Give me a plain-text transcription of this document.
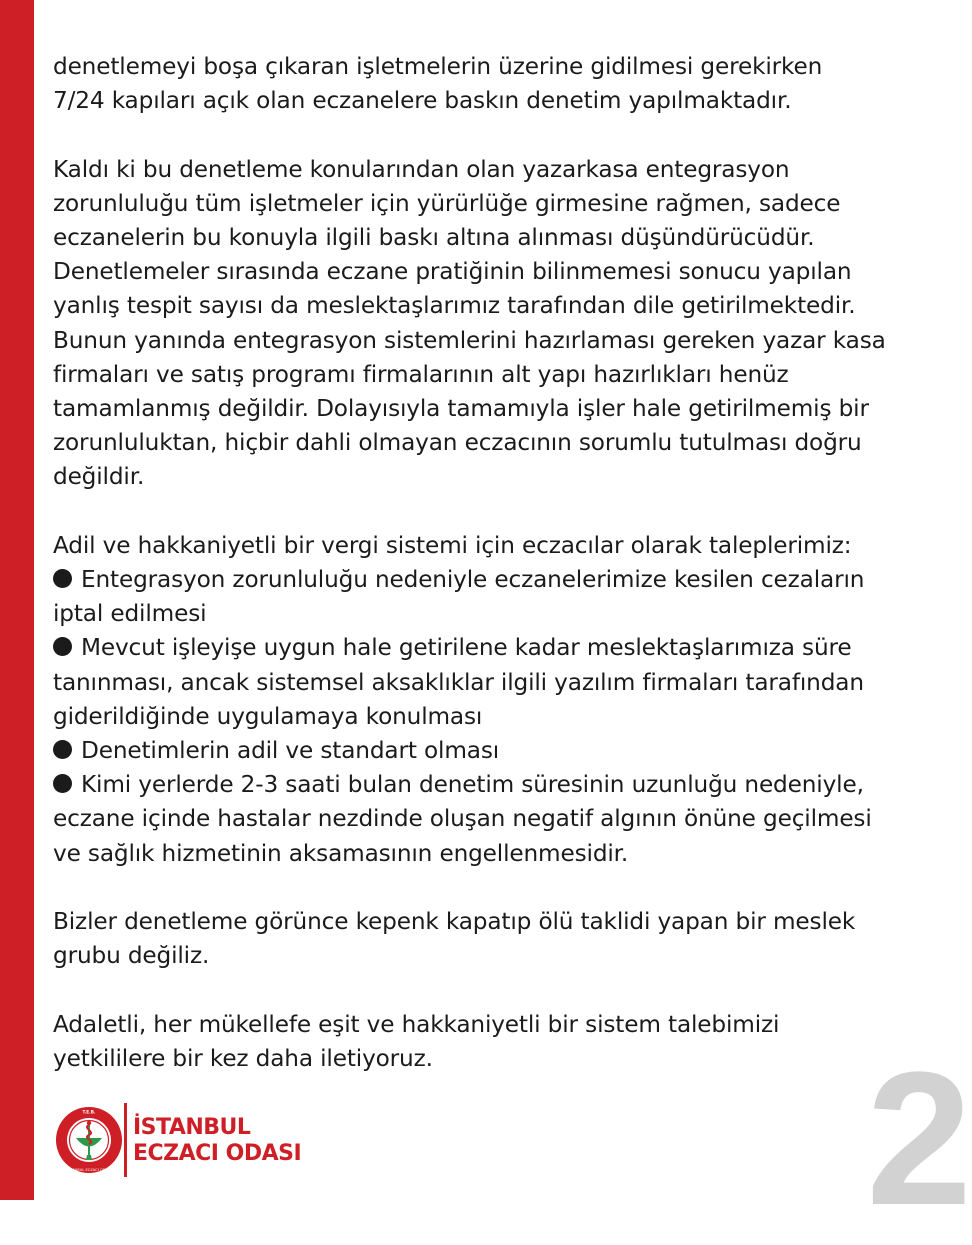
denetlemeyi boşa çıkaran işletmelerin üzerine gidilmesi gerekirken
7/24 kapıları açık olan eczanelere baskın denetim yapılmaktadır.

Kaldı ki bu denetleme konularından olan yazarkasa entegrasyon
zorunluluğu tüm işletmeler için yürürlüğe girmesine rağmen, sadece
eczanelerin bu konuyla ilgili baskı altına alınması düşündürücüdür.
Denetlemeler sırasında eczane pratiğinin bilinmemesi sonucu yapılan
yanlış tespit sayısı da meslektaşlarımız tarafından dile getirilmektedir.
Bunun yanında entegrasyon sistemlerini hazırlaması gereken yazar kasa
firmaları ve satış programı firmalarının alt yapı hazırlıkları henüz
tamamlanmış değildir. Dolayısıyla tamamıyla işler hale getirilmemiş bir
zorunluluktan, hiçbir dahli olmayan eczacının sorumlu tutulması doğru
değildir.

Adil ve hakkaniyetli bir vergi sistemi için eczacılar olarak taleplerimiz:
Entegrasyon zorunluluğu nedeniyle eczanelerimize kesilen cezaların
iptal edilmesi
Mevcut işleyişe uygun hale getirilene kadar meslektaşlarımıza süre
tanınması, ancak sistemsel aksaklıklar ilgili yazılım firmaları tarafından
giderildiğinde uygulamaya konulması
Denetimlerin adil ve standart olması
Kimi yerlerde 2-3 saati bulan denetim süresinin uzunluğu nedeniyle,
eczane içinde hastalar nezdinde oluşan negatif algının önüne geçilmesi
ve sağlık hizmetinin aksamasının engellenmesidir.

Bizler denetleme görünce kepenk kapatıp ölü taklidi yapan bir meslek
grubu değiliz.

Adaletli, her mükellefe eşit ve hakkaniyetli bir sistem talebimizi
yetkililere bir kez daha iletiyoruz.

T.E.B.
İSTANBUL ECZACI ODASI
İSTANBUL
ECZACI ODASI	2
